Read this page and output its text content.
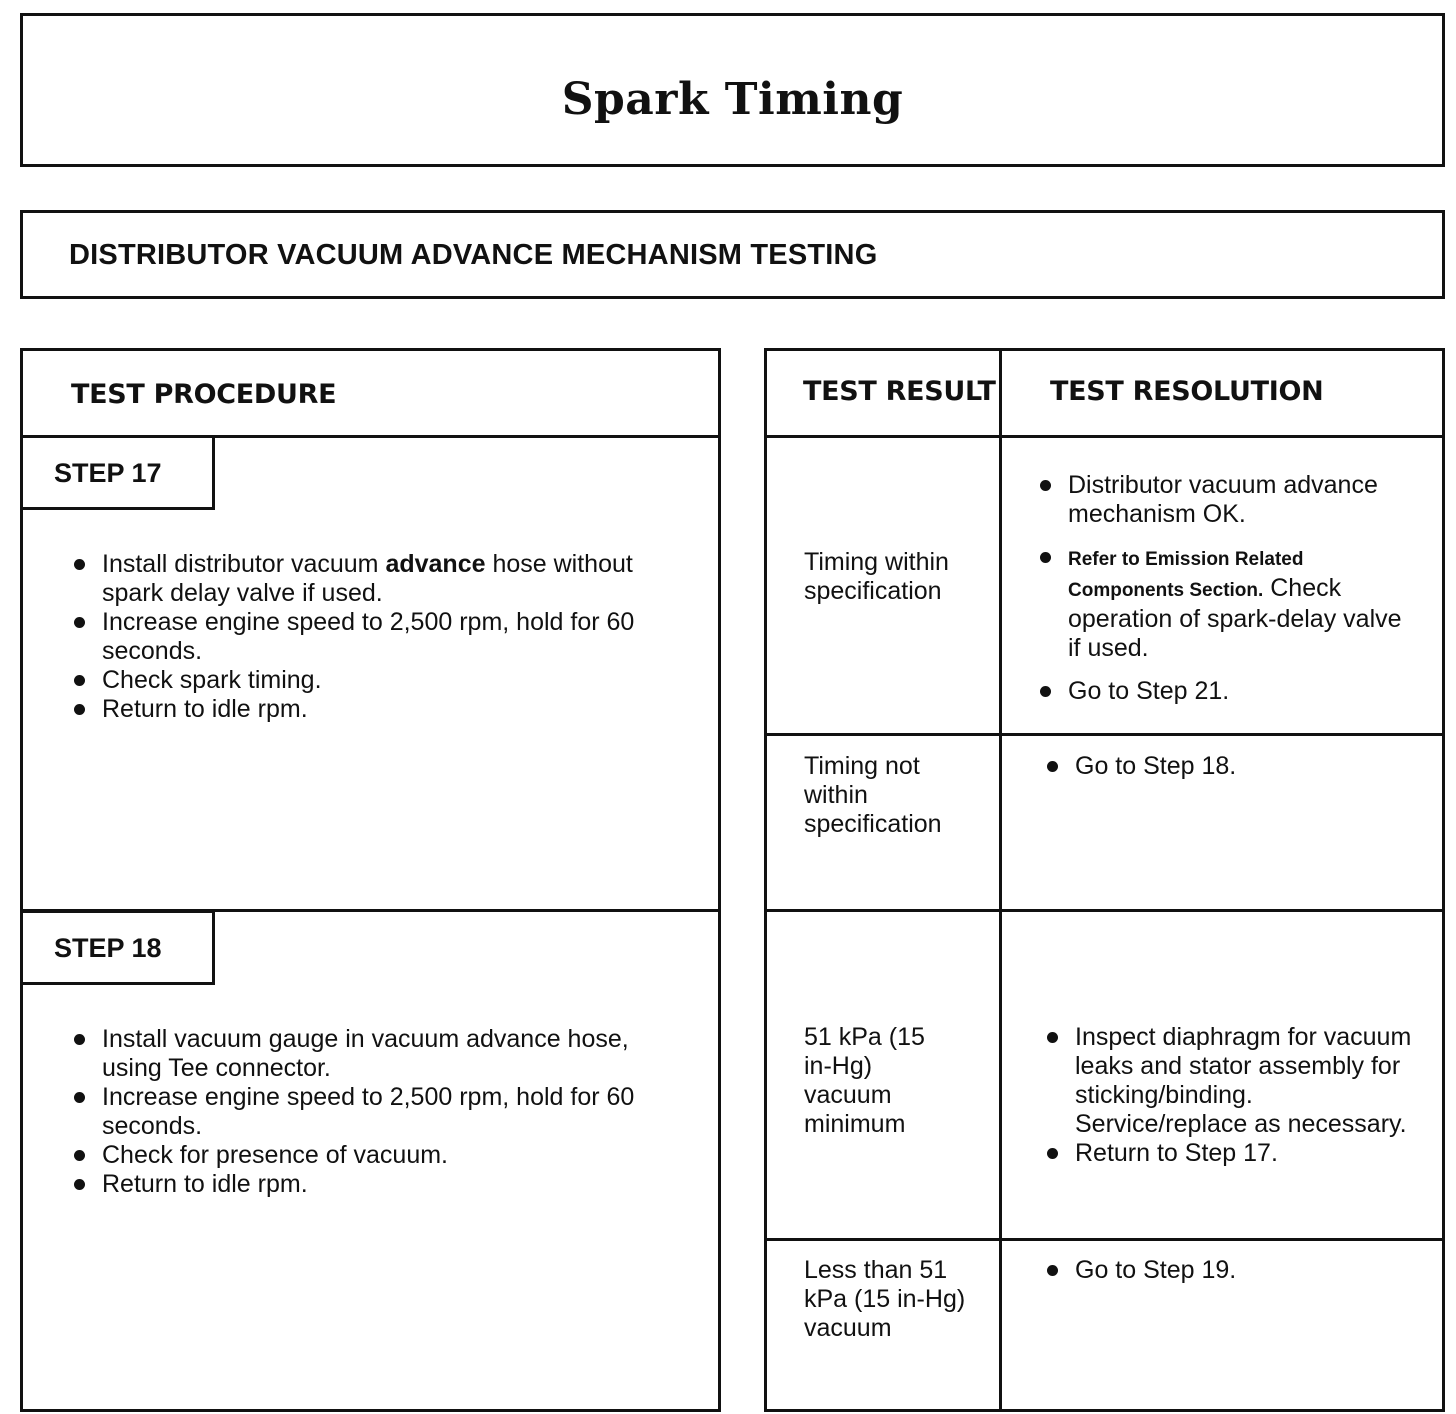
Spark Timing
DISTRIBUTOR VACUUM ADVANCE MECHANISM TESTING
TEST PROCEDURE
STEP 17
Install distributor vacuum advance hose without spark delay valve if used.
Increase engine speed to 2,500 rpm, hold for 60 seconds.
Check spark timing.
Return to idle rpm.
STEP 18
Install vacuum gauge in vacuum advance hose, using Tee connector.
Increase engine speed to 2,500 rpm, hold for 60 seconds.
Check for presence of vacuum.
Return to idle rpm.
TEST RESULT TEST RESOLUTION
Timing within specification
Distributor vacuum advance mechanism OK.
Refer to Emission Related Components Section. Check operation of spark-delay valve if used.
Go to Step 21.
Timing not within specification
Go to Step 18.
51 kPa (15 in-Hg) vacuum minimum
Inspect diaphragm for vacuum leaks and stator assembly for sticking/binding. Service/replace as necessary.
Return to Step 17.
Less than 51 kPa (15 in-Hg) vacuum
Go to Step 19.
